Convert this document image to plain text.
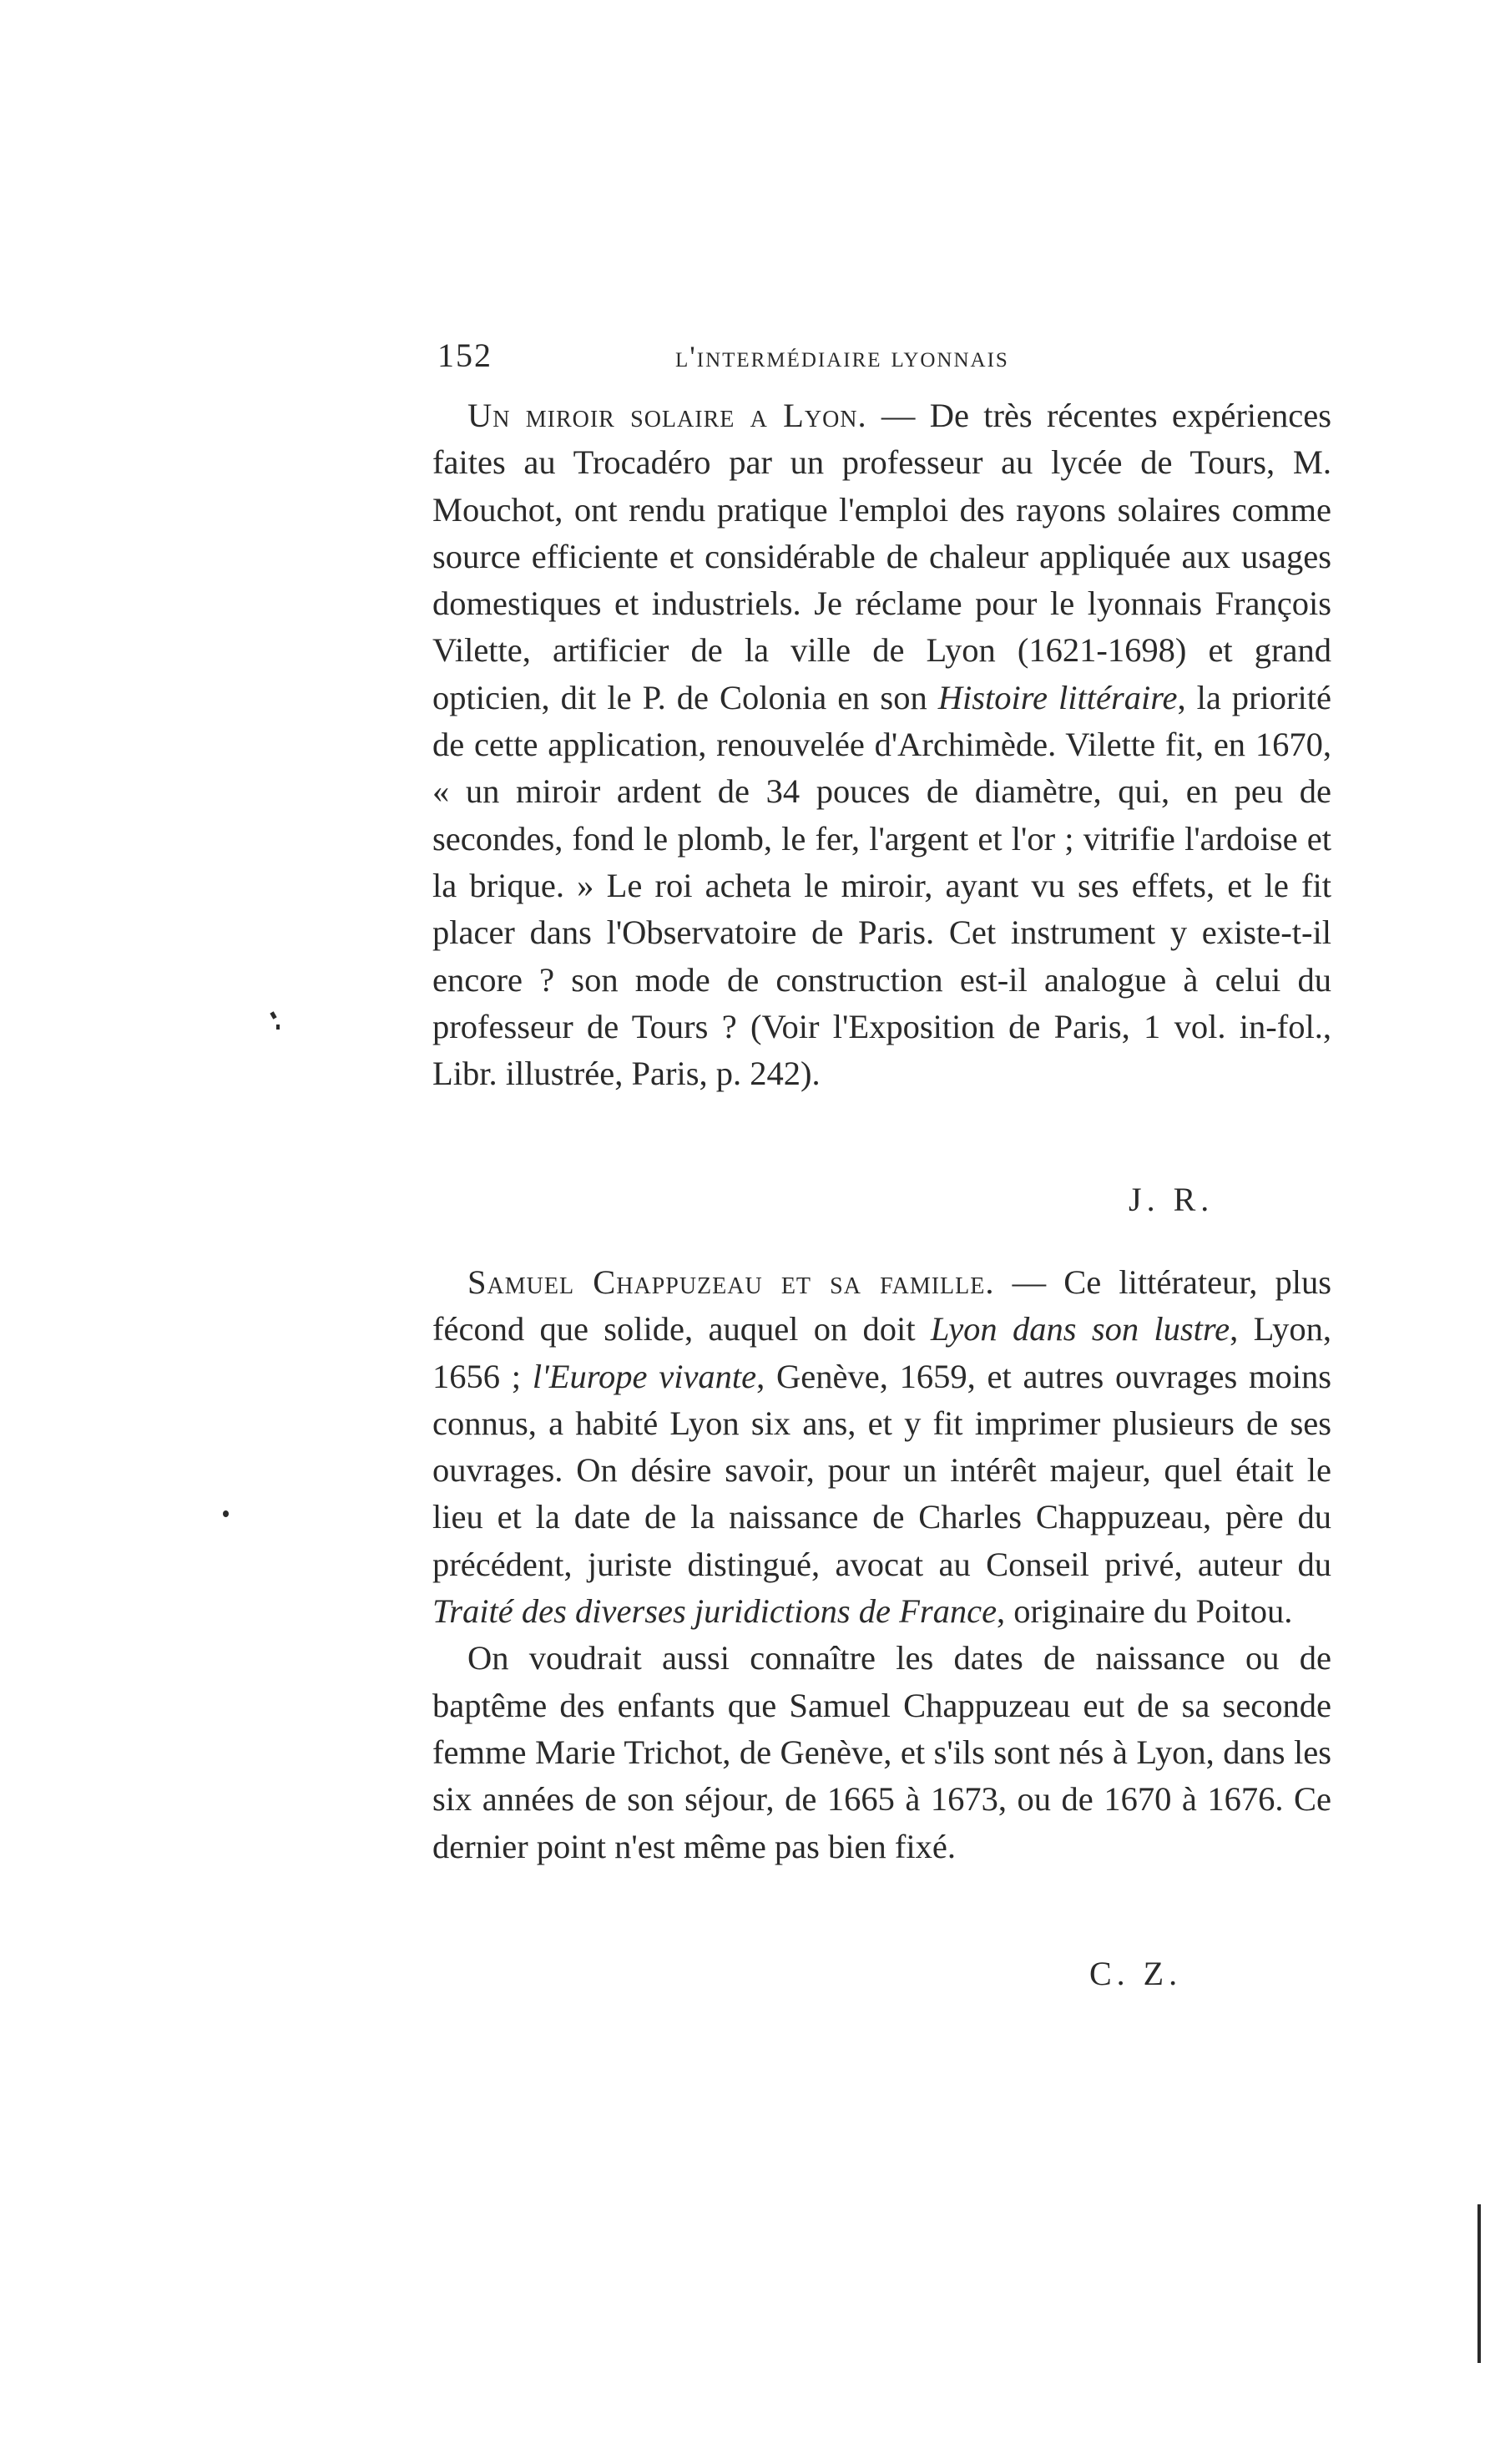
152	l'intermédiaire lyonnais

Un miroir solaire a Lyon. — De très récentes expériences faites au Trocadéro par un professeur au lycée de Tours, M. Mouchot, ont rendu pratique l'emploi des rayons solaires comme source efficiente et considérable de chaleur appliquée aux usages domestiques et industriels. Je réclame pour le lyonnais François Vilette, artificier de la ville de Lyon (1621-1698) et grand opticien, dit le P. de Colonia en son Histoire littéraire, la priorité de cette application, renouvelée d'Archimède. Vilette fit, en 1670, « un miroir ardent de 34 pouces de diamètre, qui, en peu de secondes, fond le plomb, le fer, l'argent et l'or ; vitrifie l'ardoise et la brique. » Le roi acheta le miroir, ayant vu ses effets, et le fit placer dans l'Observatoire de Paris. Cet instrument y existe-t-il encore ? son mode de construction est-il analogue à celui du professeur de Tours ? (Voir l'Exposition de Paris, 1 vol. in-fol., Libr. illustrée, Paris, p. 242).

J. R.

Samuel Chappuzeau et sa famille. — Ce littérateur, plus fécond que solide, auquel on doit Lyon dans son lustre, Lyon, 1656 ; l'Europe vivante, Genève, 1659, et autres ouvrages moins connus, a habité Lyon six ans, et y fit imprimer plusieurs de ses ouvrages. On désire savoir, pour un intérêt majeur, quel était le lieu et la date de la naissance de Charles Chappuzeau, père du précédent, juriste distingué, avocat au Conseil privé, auteur du Traité des diverses juridictions de France, originaire du Poitou.

On voudrait aussi connaître les dates de naissance ou de baptême des enfants que Samuel Chappuzeau eut de sa seconde femme Marie Trichot, de Genève, et s'ils sont nés à Lyon, dans les six années de son séjour, de 1665 à 1673, ou de 1670 à 1676. Ce dernier point n'est même pas bien fixé.

C. Z.
